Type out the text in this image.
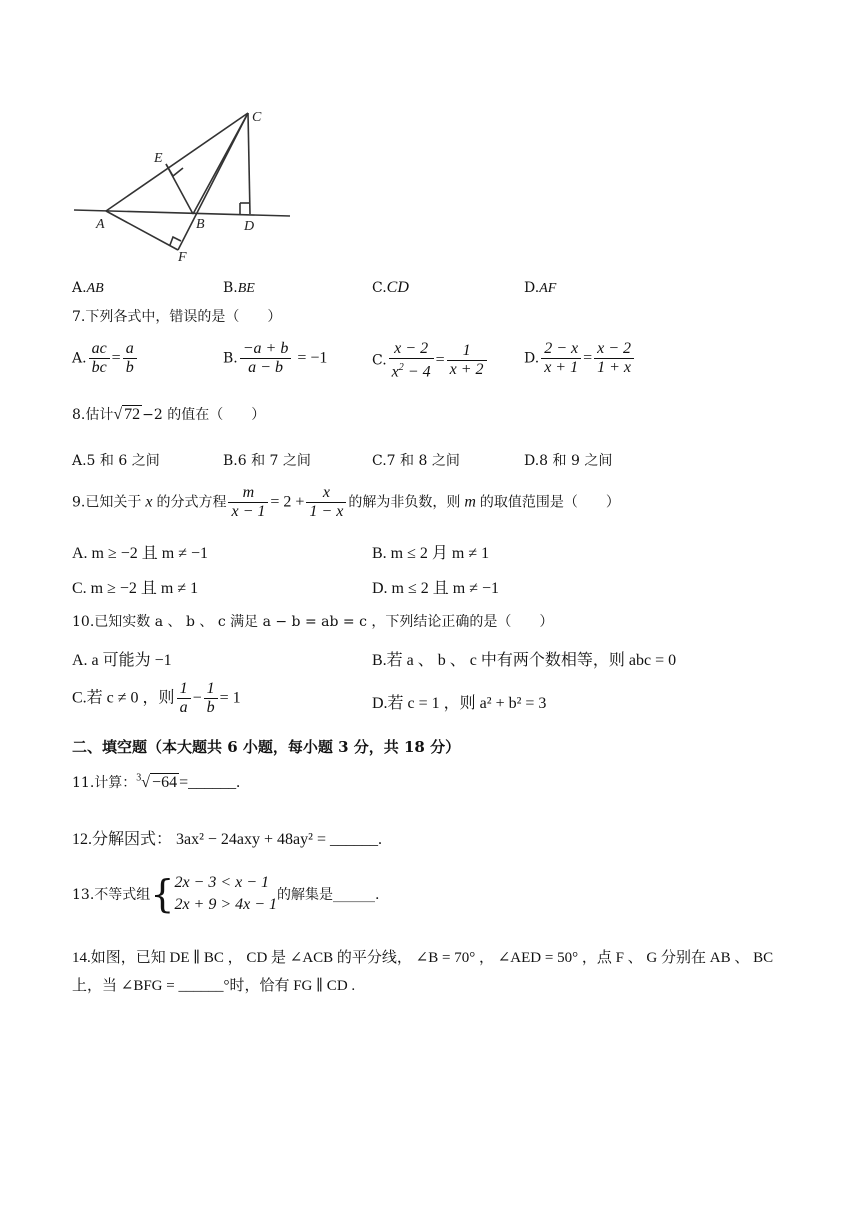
C
E
A	B	D
F
A.AB	B.BE	C.CD	D.AF
7.下列各式中，错误的是（　　）
A. $\frac{ac}{bc} = \frac{a}{b}$	B. $\frac{-a + b}{a - b} = -1$	C. $\frac{x - 2}{x^2 - 4} = \frac{1}{x + 2}$	D. $\frac{2 - x}{x + 1} = \frac{x - 2}{1 + x}$
8.估计√ 72 −2 的值在（　　）
A.5 和 6 之间	B.6 和 7 之间	C.7 和 8 之间	D.8 和 9 之间
9.已知关于 x 的分式方程 $\frac{m}{x - 1} = 2 + \frac{x}{1 - x}$ 的解为非负数，则 m 的取值范围是（　　）
A. m ≥ −2 且 m ≠ −1	B. m ≤ 2 月 m ≠ 1
C. m ≥ −2 且 m ≠ 1	D. m ≤ 2 且 m ≠ −1
10.已知实数 a 、 b 、 c 满足 a − b = ab = c ，下列结论正确的是（　　）
A. a 可能为 −1	B.若 a 、 b 、 c 中有两个数相等，则 abc = 0
C.若 c ≠ 0 ，则 $\frac{1}{a} - \frac{1}{b} = 1$	D.若 c = 1 ，则 a² + b² = 3
二、填空题（本大题共 6 小题，每小题 3 分，共 18 分）
11.计算：$^3$√ −64 =______.
12.分解因式： 3ax² − 24axy + 48ay² = ______.
13.不等式组{2x − 3 < x − 1
2x + 9 > 4x − 1的解集是______.
14.如图，已知 DE ∥ BC ， CD 是 ∠ACB 的平分线， ∠B = 70° ， ∠AED = 50° ，点 F 、 G 分别在 AB 、 BC
上，当 ∠BFG = ______°时，恰有 FG ∥ CD .
